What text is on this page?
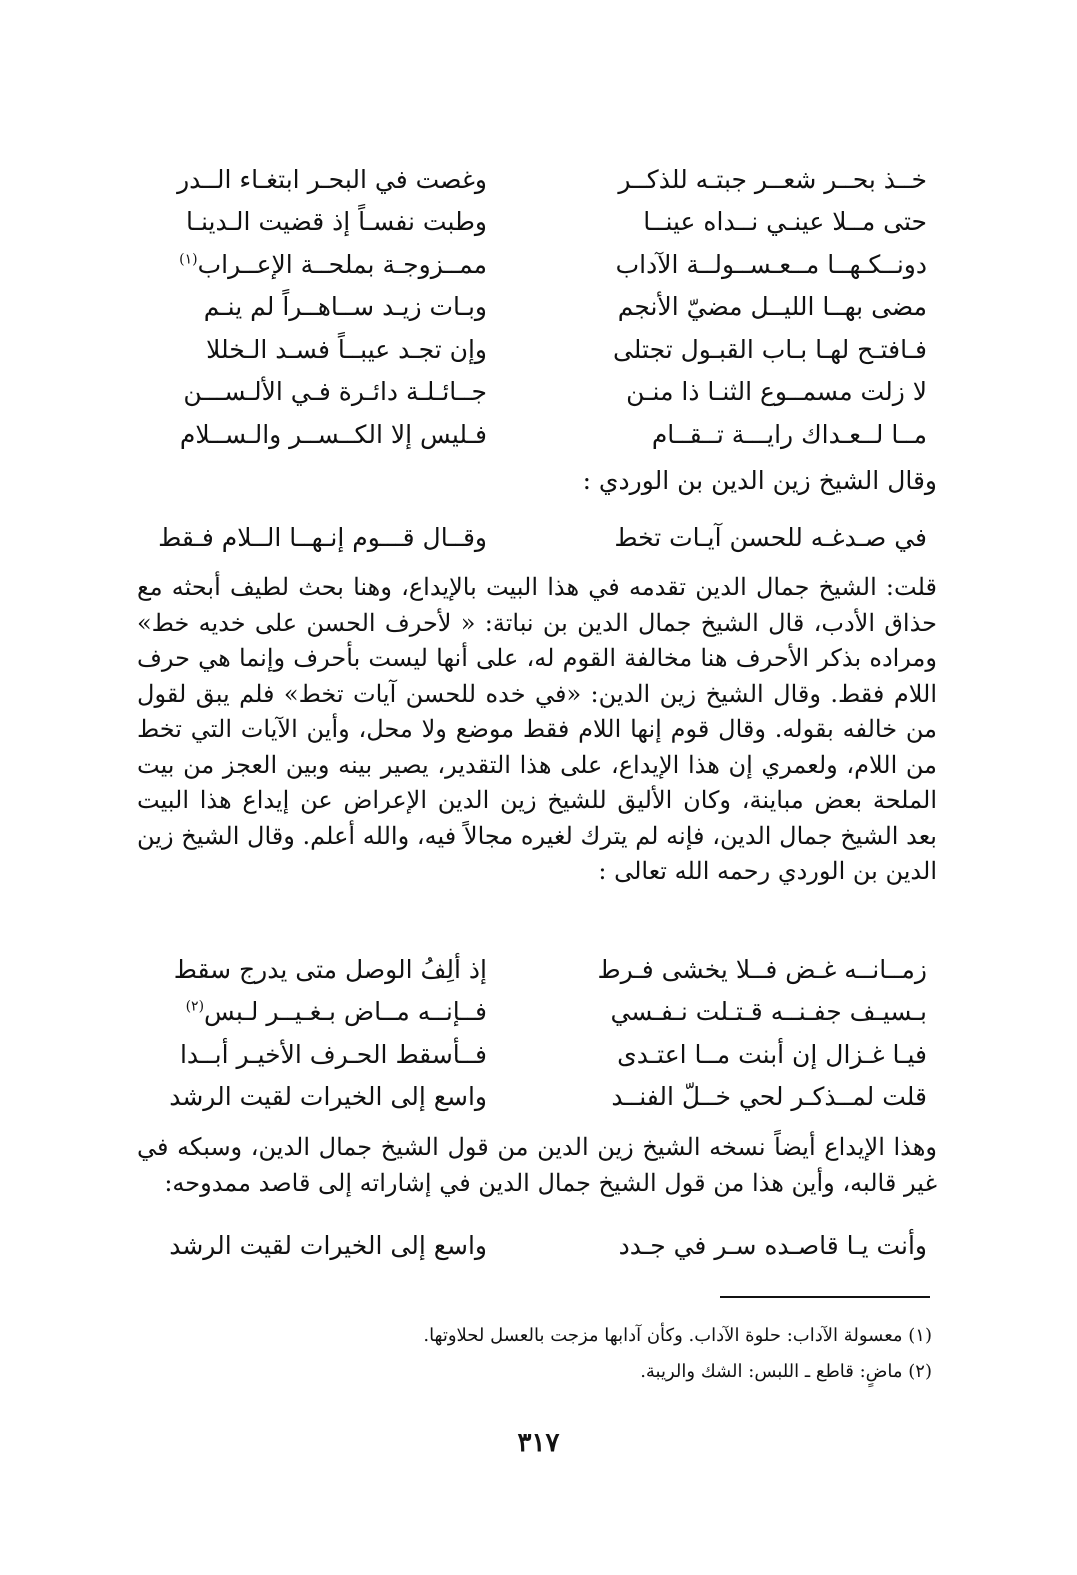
خــذ بحــر شعــر جبتـه للذكــر
وغصت في البحـر ابتغـاء الــدر
حتى مــلا عينـي نــداه عينــا
وطبت نفسـاً إذ قضيت الـدينـا
دونــكـهــا مــعـســولــة الآداب
ممــزوجـة بملحــة الإعــراب$^{(١)}$
مضى بهــا الليــل مضيّ الأنجم
وبـات زيـد ســاهــراً لم ينـم
فـافتـح لهـا بـاب القبـول تجتلى
وإن تجـد عيبــاً فسـد الـخللا
لا زلت مسمــوع الثنـا ذا منـن
جــائـلـة دائـرة فـي الألـســـن
مــا لــعـداك رايـــة تــقــام
فـليس إلا الكــســر والـســلام
وقال الشيخ زين الدين بن الوردي :
في صـدغـه للحسن آيـات تخط
وقــال قـــوم إنـهــا الــلام فـقط
قلت: الشيخ جمال الدين تقدمه في هذا البيت بالإيداع، وهنا بحث لطيف أبحثه مع حذاق الأدب، قال الشيخ جمال الدين بن نباتة: « لأحرف الحسن على خديه خط» ومراده بذكر الأحرف هنا مخالفة القوم له، على أنها ليست بأحرف وإنما هي حرف اللام فقط. وقال الشيخ زين الدين: «في خده للحسن آيات تخط» فلم يبق لقول من خالفه بقوله. وقال قوم إنها اللام فقط موضع ولا محل، وأين الآيات التي تخط من اللام، ولعمري إن هذا الإيداع، على هذا التقدير، يصير بينه وبين العجز من بيت الملحة بعض مباينة، وكان الأليق للشيخ زين الدين الإعراض عن إيداع هذا البيت بعد الشيخ جمال الدين، فإنه لم يترك لغيره مجالاً فيه، والله أعلم. وقال الشيخ زين الدين بن الوردي رحمه الله تعالى :
زمــانــه غـض فــلا يخشى فـرط
إذ ألِفُ الوصل متى يدرج سقط
بـسيـف جفـنــه قـتـلت نـفـسي
فــإنــه مــاض بـغـيــر لـبس$^{(٢)}$
فيـا غـزال إن أبنت مــا اعتـدى
فــأسقط الحـرف الأخيـر أبــدا
قلت لمــذكـر لحي خــلّ الفنــد
واسع إلى الخيرات لقيت الرشد
وهذا الإيداع أيضاً نسخه الشيخ زين الدين من قول الشيخ جمال الدين، وسبكه في غير قالبه، وأين هذا من قول الشيخ جمال الدين في إشاراته إلى قاصد ممدوحه:
وأنت يـا قاصـده سـر في جـدد
واسع إلى الخيرات لقيت الرشد
(١) معسولة الآداب: حلوة الآداب. وكأن آدابها مزجت بالعسل لحلاوتها.
(٢) ماضٍ: قاطع ـ اللبس: الشك والريبة.
٣١٧
